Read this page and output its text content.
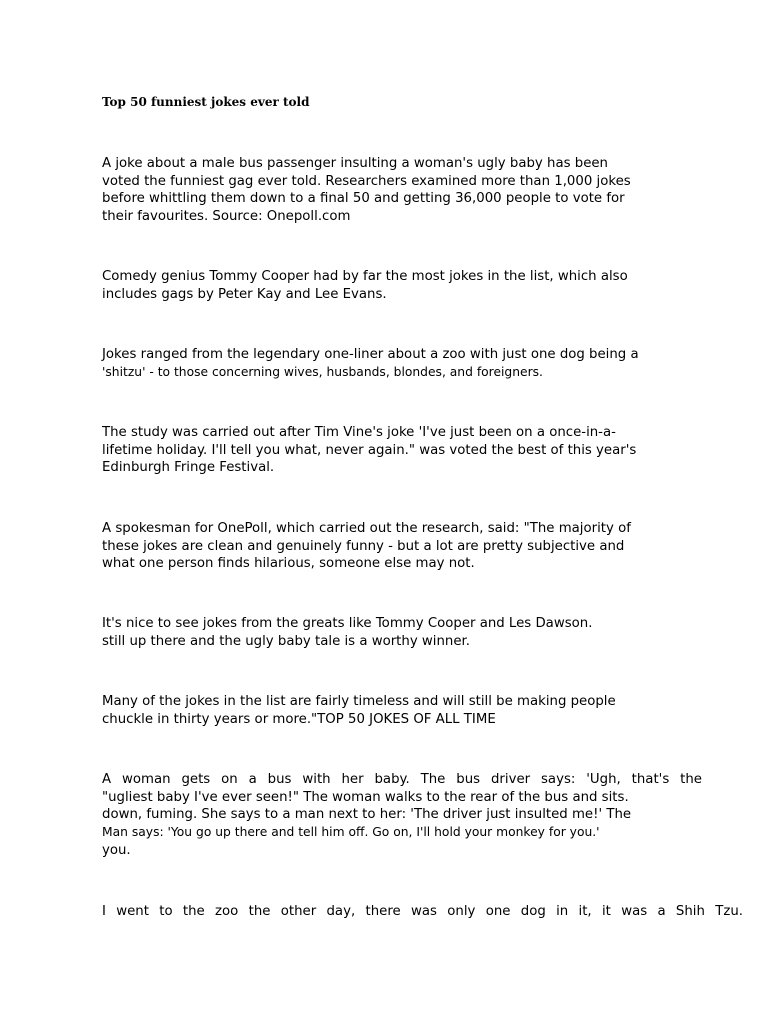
Top 50 funniest jokes ever told

A joke about a male bus passenger insulting a woman's ugly baby has been
voted the funniest gag ever told. Researchers examined more than 1,000 jokes
before whittling them down to a final 50 and getting 36,000 people to vote for
their favourites. Source: Onepoll.com

Comedy genius Tommy Cooper had by far the most jokes in the list, which also
includes gags by Peter Kay and Lee Evans.

Jokes ranged from the legendary one-liner about a zoo with just one dog being a
'shitzu' - to those concerning wives, husbands, blondes, and foreigners.

The study was carried out after Tim Vine's joke 'I've just been on a once-in-a-
lifetime holiday. I'll tell you what, never again." was voted the best of this year's
Edinburgh Fringe Festival.

A spokesman for OnePoll, which carried out the research, said: "The majority of
these jokes are clean and genuinely funny - but a lot are pretty subjective and
what one person finds hilarious, someone else may not.

It's nice to see jokes from the greats like Tommy Cooper and Les Dawson.
still up there and the ugly baby tale is a worthy winner.

Many of the jokes in the list are fairly timeless and will still be making people
chuckle in thirty years or more."TOP 50 JOKES OF ALL TIME

A woman gets on a bus with her baby. The bus driver says: 'Ugh, that's the
"ugliest baby I've ever seen!" The woman walks to the rear of the bus and sits.
down, fuming. She says to a man next to her: 'The driver just insulted me!' The
Man says: 'You go up there and tell him off. Go on, I'll hold your monkey for you.'
you.

I went to the zoo the other day, there was only one dog in it, it was a Shih Tzu.
